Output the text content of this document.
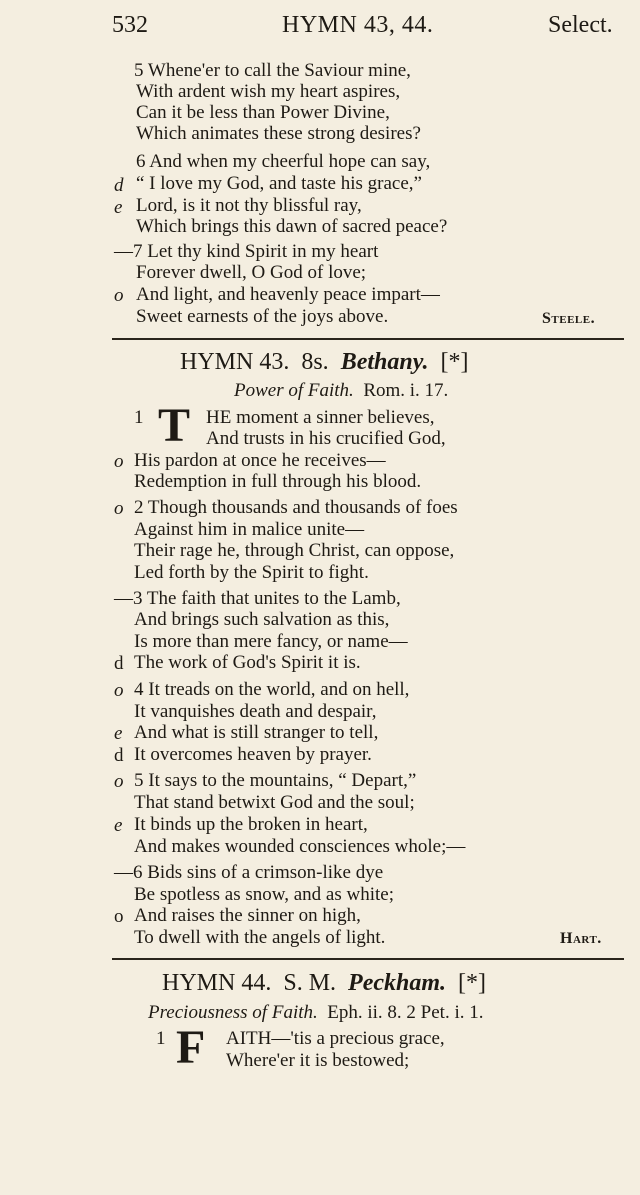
532	HYMN 43, 44.	Select.
d
e
o
5 Whene'er to call the Saviour mine,
With ardent wish my heart aspires,
Can it be less than Power Divine,
Which animates these strong desires?
6 And when my cheerful hope can say,
“ I love my God, and taste his grace,”
Lord, is it not thy blissful ray,
Which brings this dawn of sacred peace?
—7 Let thy kind Spirit in my heart
Forever dwell, O God of love;
And light, and heavenly peace impart—
Sweet earnests of the joys above.	Steele.
HYMN 43. 8s. Bethany. [*]
Power of Faith. Rom. i. 17.
1 T HE moment a sinner believes,
And trusts in his crucified God,
o His pardon at once he receives—
Redemption in full through his blood.
o 2 Though thousands and thousands of foes
Against him in malice unite—
Their rage he, through Christ, can oppose,
Led forth by the Spirit to fight.
—3 The faith that unites to the Lamb,
And brings such salvation as this,
Is more than mere fancy, or name—
d The work of God's Spirit it is.
o 4 It treads on the world, and on hell,
It vanquishes death and despair,
e And what is still stranger to tell,
d It overcomes heaven by prayer.
o 5 It says to the mountains, “ Depart,”
That stand betwixt God and the soul;
e It binds up the broken in heart,
And makes wounded consciences whole;—
—6 Bids sins of a crimson-like dye
Be spotless as snow, and as white;
o And raises the sinner on high,
To dwell with the angels of light.	Hart.
HYMN 44. S. M. Peckham. [*]
Preciousness of Faith. Eph. ii. 8. 2 Pet. i. 1.
1 F AITH—'tis a precious grace,
Where'er it is bestowed;
